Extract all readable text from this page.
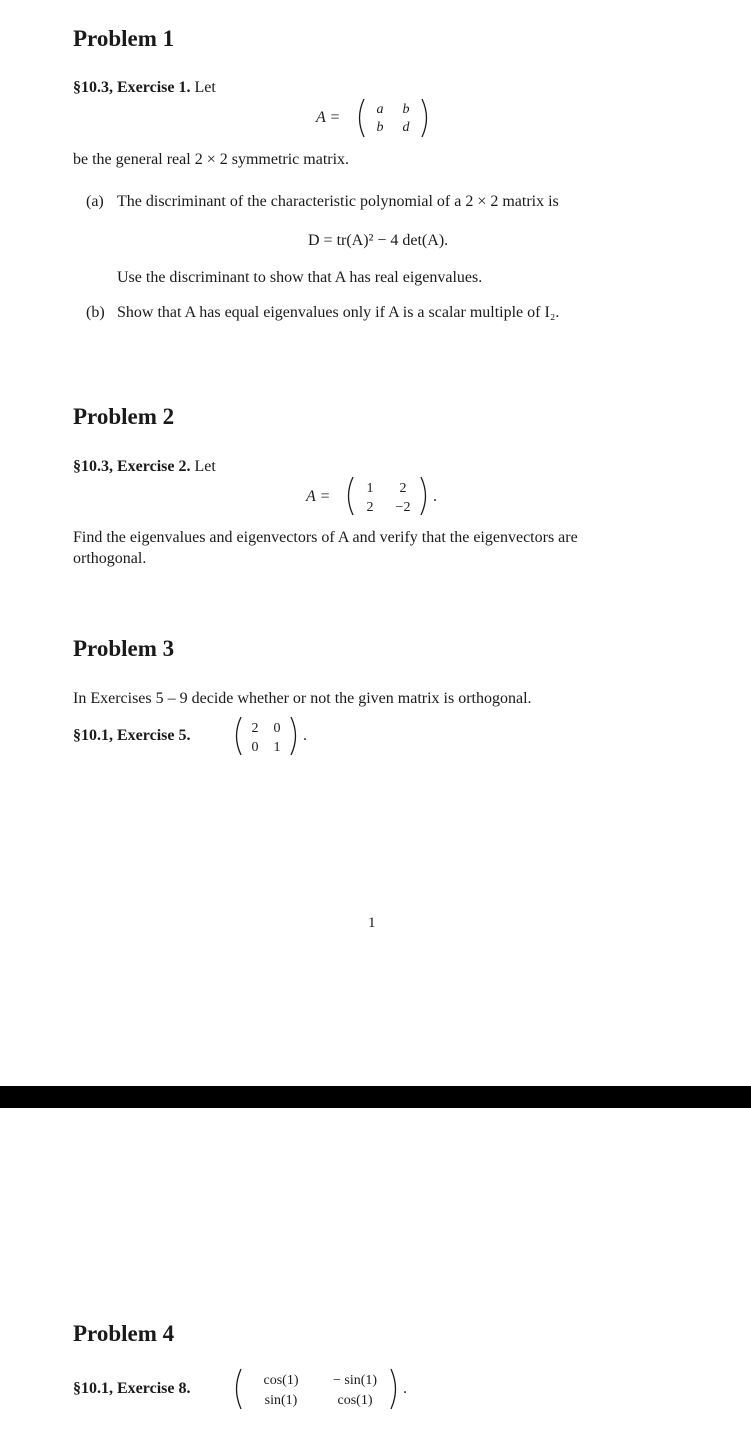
Problem 1
§10.3, Exercise 1. Let
A =	a	b
b	d
be the general real 2 × 2 symmetric matrix.
(a) The discriminant of the characteristic polynomial of a 2 × 2 matrix is
D = tr(A)² − 4 det(A).
Use the discriminant to show that A has real eigenvalues.
(b) Show that A has equal eigenvalues only if A is a scalar multiple of I₂.
Problem 2
§10.3, Exercise 2. Let
A =	1	2
2	−2
.
Find the eigenvalues and eigenvectors of A and verify that the eigenvectors are
orthogonal.
Problem 3
In Exercises 5 – 9 decide whether or not the given matrix is orthogonal.
§10.1, Exercise 5.	2	0
0	1
.
1
Problem 4
§10.1, Exercise 8.	cos(1)	− sin(1)
sin(1)	cos(1)
.
